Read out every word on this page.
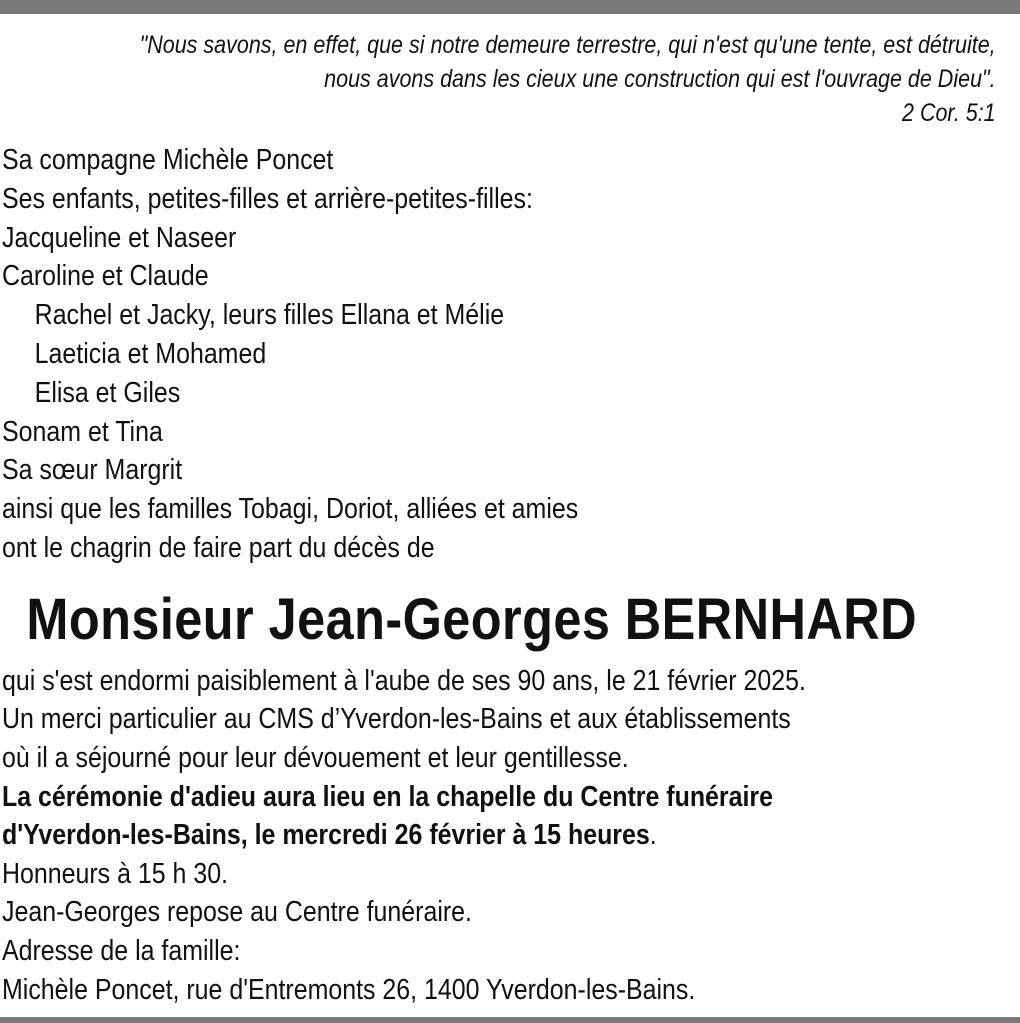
"Nous savons, en effet, que si notre demeure terrestre, qui n'est qu'une tente, est détruite,
nous avons dans les cieux une construction qui est l'ouvrage de Dieu".
2 Cor. 5:1
Sa compagne Michèle Poncet
Ses enfants, petites-filles et arrière-petites-filles:
Jacqueline et Naseer
Caroline et Claude
Rachel et Jacky, leurs filles Ellana et Mélie
Laeticia et Mohamed
Elisa et Giles
Sonam et Tina
Sa sœur Margrit
ainsi que les familles Tobagi, Doriot, alliées et amies
ont le chagrin de faire part du décès de
Monsieur Jean-Georges BERNHARD
qui s'est endormi paisiblement à l'aube de ses 90 ans, le 21 février 2025.
Un merci particulier au CMS d’Yverdon-les-Bains et aux établissements
où il a séjourné pour leur dévouement et leur gentillesse.
La cérémonie d'adieu aura lieu en la chapelle du Centre funéraire
d'Yverdon-les-Bains, le mercredi 26 février à 15 heures.
Honneurs à 15 h 30.
Jean-Georges repose au Centre funéraire.
Adresse de la famille:
Michèle Poncet, rue d'Entremonts 26, 1400 Yverdon-les-Bains.
